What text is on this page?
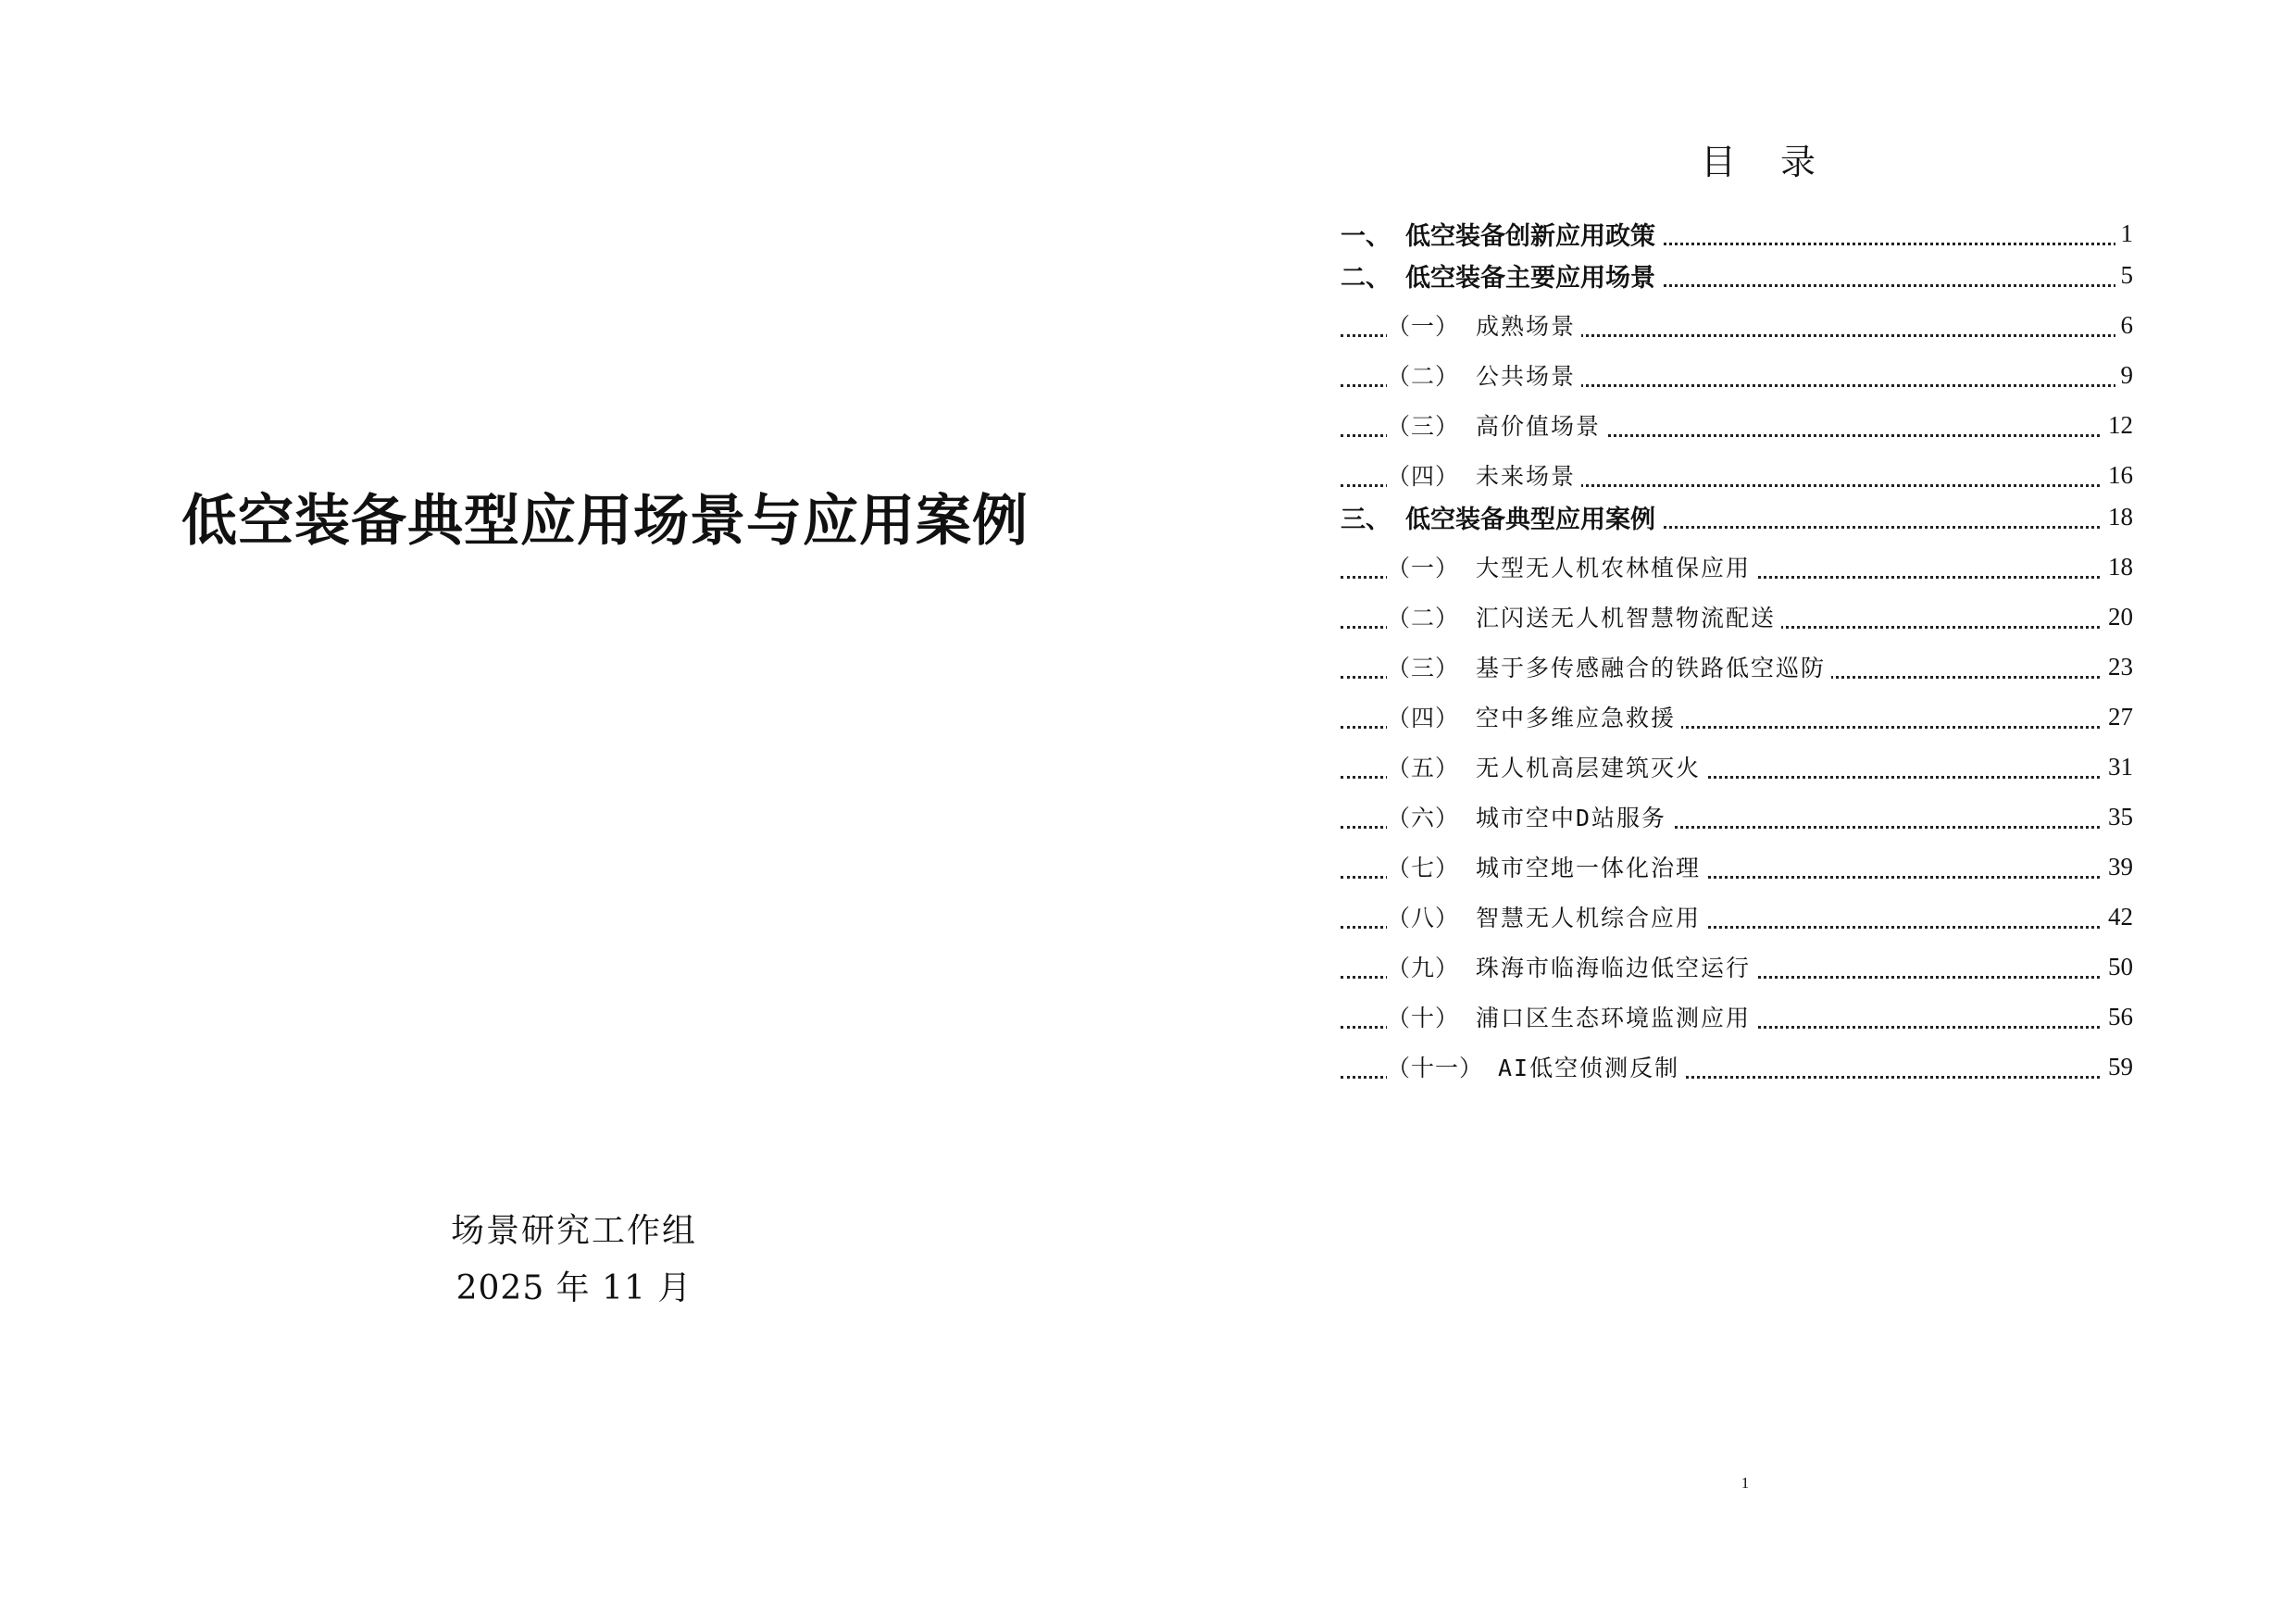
低空装备典型应用场景与应用案例
场景研究工作组
2025 年 11 月
目 录
一、 低空装备创新应用政策	1
二、 低空装备主要应用场景	5
（一） 成熟场景	6
（二） 公共场景	9
（三） 高价值场景	12
（四） 未来场景	16
三、 低空装备典型应用案例	18
（一） 大型无人机农林植保应用	18
（二） 汇闪送无人机智慧物流配送	20
（三） 基于多传感融合的铁路低空巡防	23
（四） 空中多维应急救援	27
（五） 无人机高层建筑灭火	31
（六） 城市空中D站服务	35
（七） 城市空地一体化治理	39
（八） 智慧无人机综合应用	42
（九） 珠海市临海临边低空运行	50
（十） 浦口区生态环境监测应用	56
（十一） AI低空侦测反制	59
1
